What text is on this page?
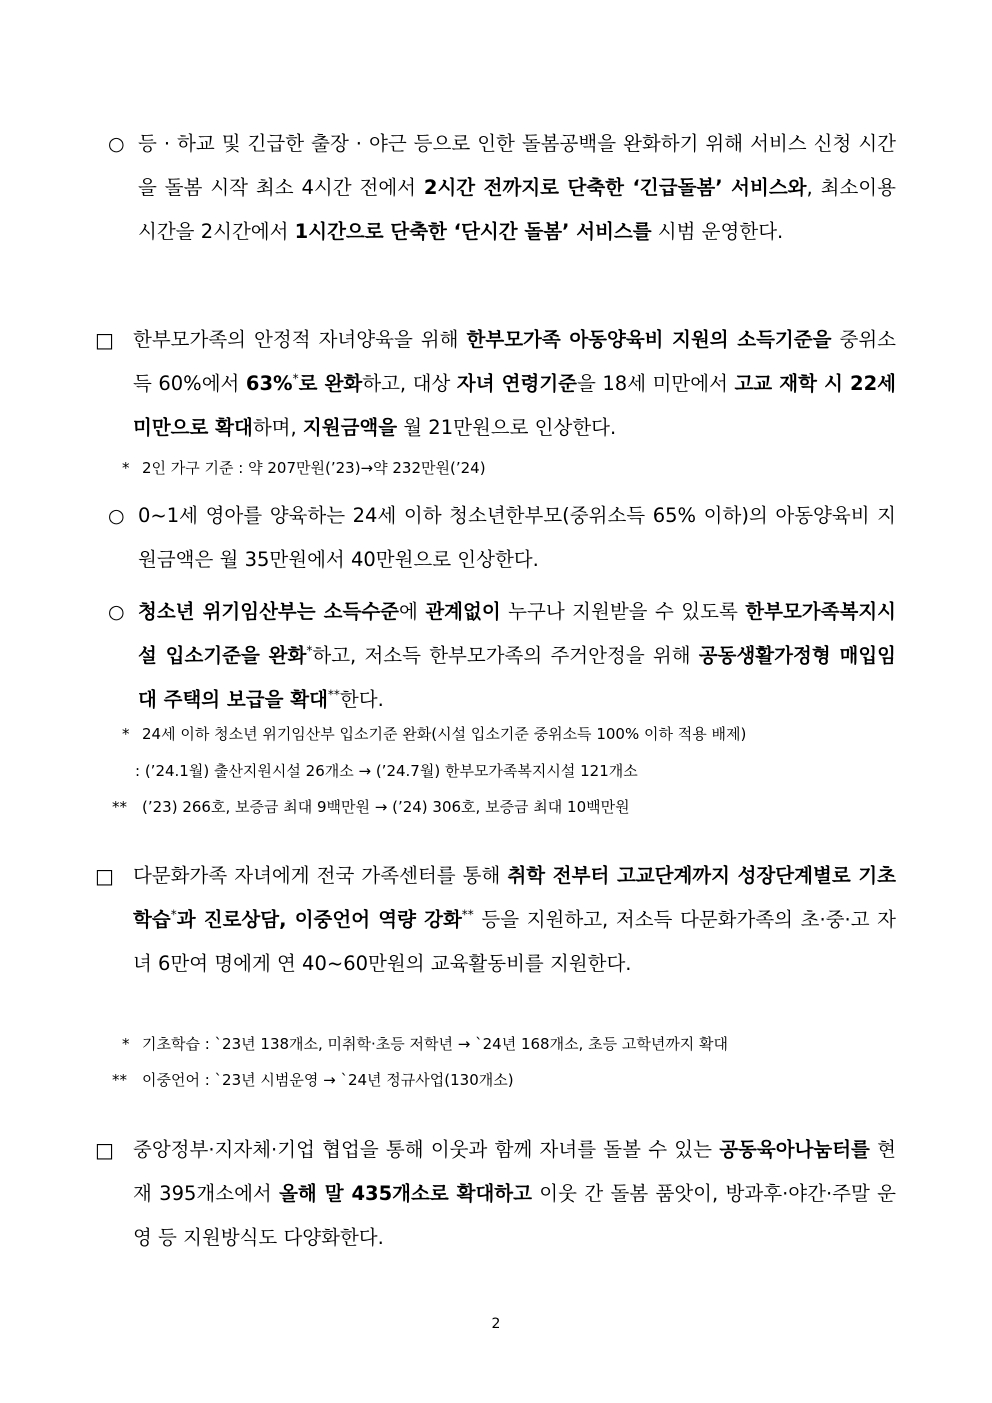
○ 등 · 하교 및 긴급한 출장 · 야근 등으로 인한 돌봄공백을 완화하기 위해 서비스 신청 시간을 돌봄 시작 최소 4시간 전에서 2시간 전까지로 단축한 ‘긴급돌봄’ 서비스와, 최소이용시간을 2시간에서 1시간으로 단축한 ‘단시간 돌봄’ 서비스를 시범 운영한다.
□ 한부모가족의 안정적 자녀양육을 위해 한부모가족 아동양육비 지원의 소득기준을 중위소득 60%에서 63%*로 완화하고, 대상 자녀 연령기준을 18세 미만에서 고교 재학 시 22세 미만으로 확대하며, 지원금액을 월 21만원으로 인상한다.
* 2인 가구 기준 : 약 207만원(’23)→약 232만원(’24)
○ 0~1세 영아를 양육하는 24세 이하 청소년한부모(중위소득 65% 이하)의 아동양육비 지원금액은 월 35만원에서 40만원으로 인상한다.
○ 청소년 위기임산부는 소득수준에 관계없이 누구나 지원받을 수 있도록 한부모가족복지시설 입소기준을 완화*하고, 저소득 한부모가족의 주거안정을 위해 공동생활가정형 매입임대 주택의 보급을 확대**한다.
* 24세 이하 청소년 위기임산부 입소기준 완화(시설 입소기준 중위소득 100% 이하 적용 배제)
: (’24.1월) 출산지원시설 26개소 → (’24.7월) 한부모가족복지시설 121개소
** (’23) 266호, 보증금 최대 9백만원 → (’24) 306호, 보증금 최대 10백만원
□ 다문화가족 자녀에게 전국 가족센터를 통해 취학 전부터 고교단계까지 성장단계별로 기초학습*과 진로상담, 이중언어 역량 강화** 등을 지원하고, 저소득 다문화가족의 초·중·고 자녀 6만여 명에게 연 40~60만원의 교육활동비를 지원한다.
* 기초학습 : `23년 138개소, 미취학·초등 저학년 → `24년 168개소, 초등 고학년까지 확대
** 이중언어 : `23년 시범운영 → `24년 정규사업(130개소)
□ 중앙정부·지자체·기업 협업을 통해 이웃과 함께 자녀를 돌볼 수 있는 공동육아나눔터를 현재 395개소에서 올해 말 435개소로 확대하고 이웃 간 돌봄 품앗이, 방과후·야간·주말 운영 등 지원방식도 다양화한다.
2
